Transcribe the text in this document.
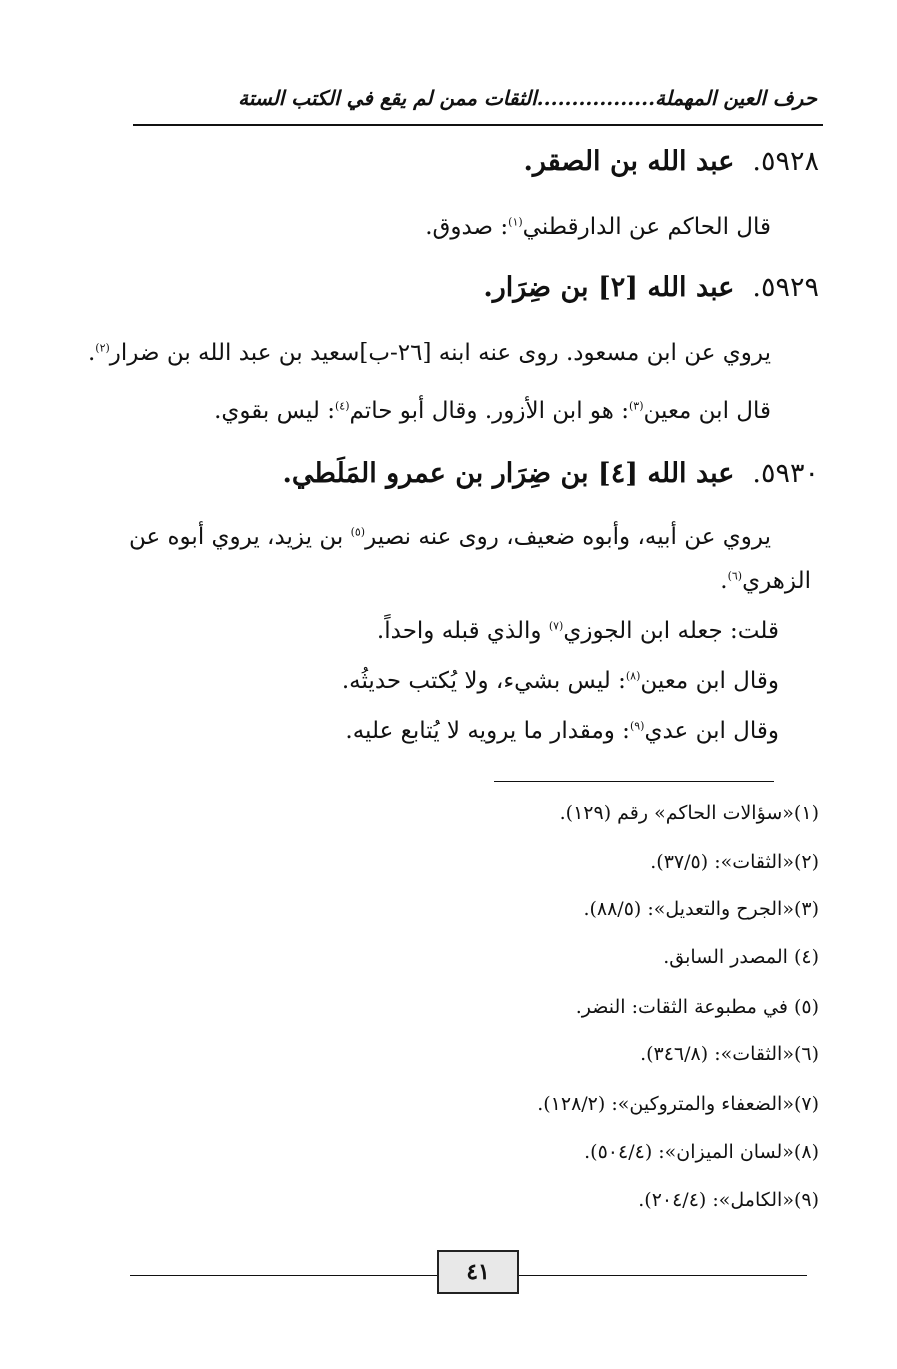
حرف العين المهملة.................الثقات ممن لم يقع في الكتب الستة
٥٩٢٨.عبد الله بن الصقر.
قال الحاكم عن الدارقطني$^{(١)}$: صدوق.
٥٩٢٩.عبد الله [٢] بن ضِرَار.
يروي عن ابن مسعود. روى عنه ابنه [٢٦-ب]سعيد بن عبد الله بن ضرار$^{(٢)}$.
قال ابن معين$^{(٣)}$: هو ابن الأزور. وقال أبو حاتم$^{(٤)}$: ليس بقوي.
٥٩٣٠.عبد الله [٤] بن ضِرَار بن عمرو المَلَطي.
يروي عن أبيه، وأبوه ضعيف، روى عنه نصير$^{(٥)}$ بن يزيد، يروي أبوه عن
الزهري$^{(٦)}$.
قلت: جعله ابن الجوزي$^{(٧)}$ والذي قبله واحداً.
وقال ابن معين$^{(٨)}$: ليس بشيء، ولا يُكتب حديثُه.
وقال ابن عدي$^{(٩)}$: ومقدار ما يرويه لا يُتابع عليه.
(١)«سؤالات الحاكم» رقم (١٢٩).
(٢)«الثقات»: (٣٧/٥).
(٣)«الجرح والتعديل»: (٨٨/٥).
(٤) المصدر السابق.
(٥) في مطبوعة الثقات: النضر.
(٦)«الثقات»: (٣٤٦/٨).
(٧)«الضعفاء والمتروكين»: (١٢٨/٢).
(٨)«لسان الميزان»: (٥٠٤/٤).
(٩)«الكامل»: (٢٠٤/٤).
٤١
